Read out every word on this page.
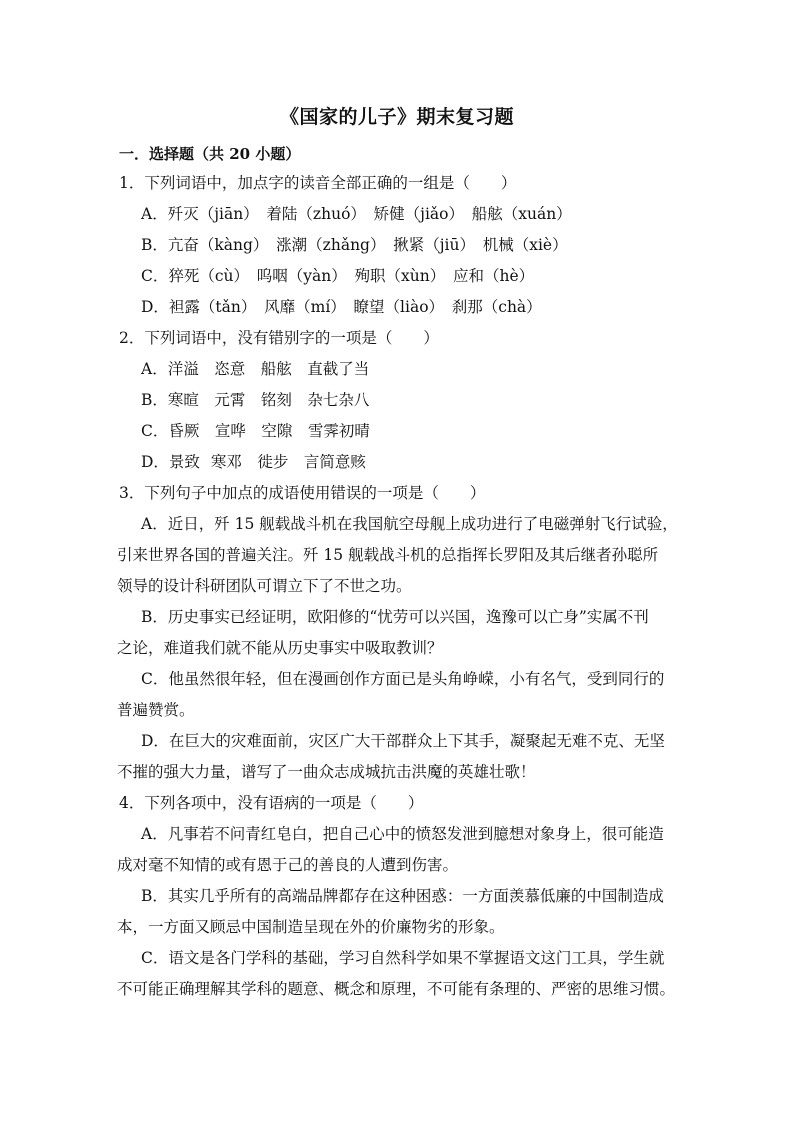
《国家的儿子》期末复习题
一．选择题（共 20 小题）
1．下列词语中，加点字的读音全部正确的一组是（　　）
A．歼灭（jiān）　着陆（zhuó）　矫健（jiǎo）　船舷（xuán）
B．亢奋（kàng）　涨潮（zhǎng）　揪紧（jiū）　机械（xiè）
C．猝死（cù）　呜咽（yàn）　殉职（xùn）　应和（hè）
D．袒露（tǎn）　风靡（mí）　瞭望（liào）　刹那（chà）
2．下列词语中，没有错别字的一项是（　　）
A．洋溢　恣意　船舷　直截了当
B．寒暄　元霄　铭刻　杂七杂八
C．昏厥　宣哗　空隙　雪霁初晴
D．景致 寒邓　徙步　言简意赅
3．下列句子中加点的成语使用错误的一项是（　　）
A．近日，歼 15 舰载战斗机在我国航空母舰上成功进行了电磁弹射飞行试验，
引来世界各国的普遍关注。歼 15 舰载战斗机的总指挥长罗阳及其后继者孙聪所
领导的设计科研团队可谓立下了不世之功。
B．历史事实已经证明，欧阳修的“忧劳可以兴国，逸豫可以亡身”实属不刊
之论，难道我们就不能从历史事实中吸取教训？
C．他虽然很年轻，但在漫画创作方面已是头角峥嵘，小有名气，受到同行的
普遍赞赏。
D．在巨大的灾难面前，灾区广大干部群众上下其手，凝聚起无难不克、无坚
不摧的强大力量，谱写了一曲众志成城抗击洪魔的英雄壮歌！
4．下列各项中，没有语病的一项是（　　）
A．凡事若不问青红皂白，把自己心中的愤怒发泄到臆想对象身上，很可能造
成对毫不知情的或有恩于己的善良的人遭到伤害。
B．其实几乎所有的高端品牌都存在这种困惑：一方面羡慕低廉的中国制造成
本，一方面又顾忌中国制造呈现在外的价廉物劣的形象。
C．语文是各门学科的基础，学习自然科学如果不掌握语文这门工具，学生就
不可能正确理解其学科的题意、概念和原理，不可能有条理的、严密的思维习惯。
